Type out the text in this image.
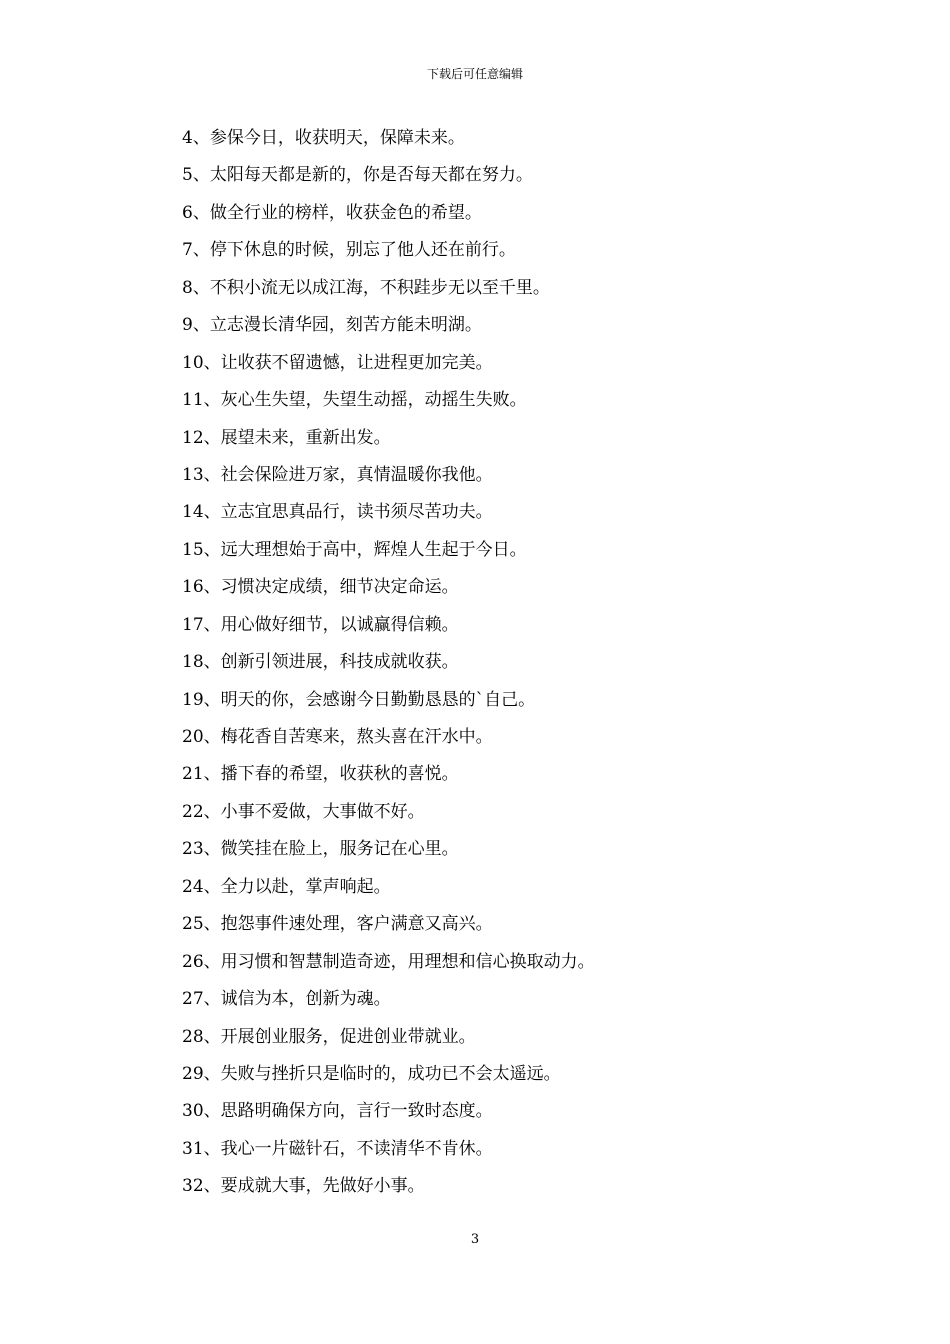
下载后可任意编辑
4、参保今日，收获明天，保障未来。
5、太阳每天都是新的，你是否每天都在努力。
6、做全行业的榜样，收获金色的希望。
7、停下休息的时候，别忘了他人还在前行。
8、不积小流无以成江海，不积跬步无以至千里。
9、立志漫长清华园，刻苦方能未明湖。
10、让收获不留遗憾，让进程更加完美。
11、灰心生失望，失望生动摇，动摇生失败。
12、展望未来，重新出发。
13、社会保险进万家，真情温暖你我他。
14、立志宜思真品行，读书须尽苦功夫。
15、远大理想始于高中，辉煌人生起于今日。
16、习惯决定成绩，细节决定命运。
17、用心做好细节，以诚赢得信赖。
18、创新引领进展，科技成就收获。
19、明天的你，会感谢今日勤勤恳恳的`自己。
20、梅花香自苦寒来，熬头喜在汗水中。
21、播下春的希望，收获秋的喜悦。
22、小事不爱做，大事做不好。
23、微笑挂在脸上，服务记在心里。
24、全力以赴，掌声响起。
25、抱怨事件速处理，客户满意又高兴。
26、用习惯和智慧制造奇迹，用理想和信心换取动力。
27、诚信为本，创新为魂。
28、开展创业服务，促进创业带就业。
29、失败与挫折只是临时的，成功已不会太遥远。
30、思路明确保方向，言行一致时态度。
31、我心一片磁针石，不读清华不肯休。
32、要成就大事，先做好小事。
3
